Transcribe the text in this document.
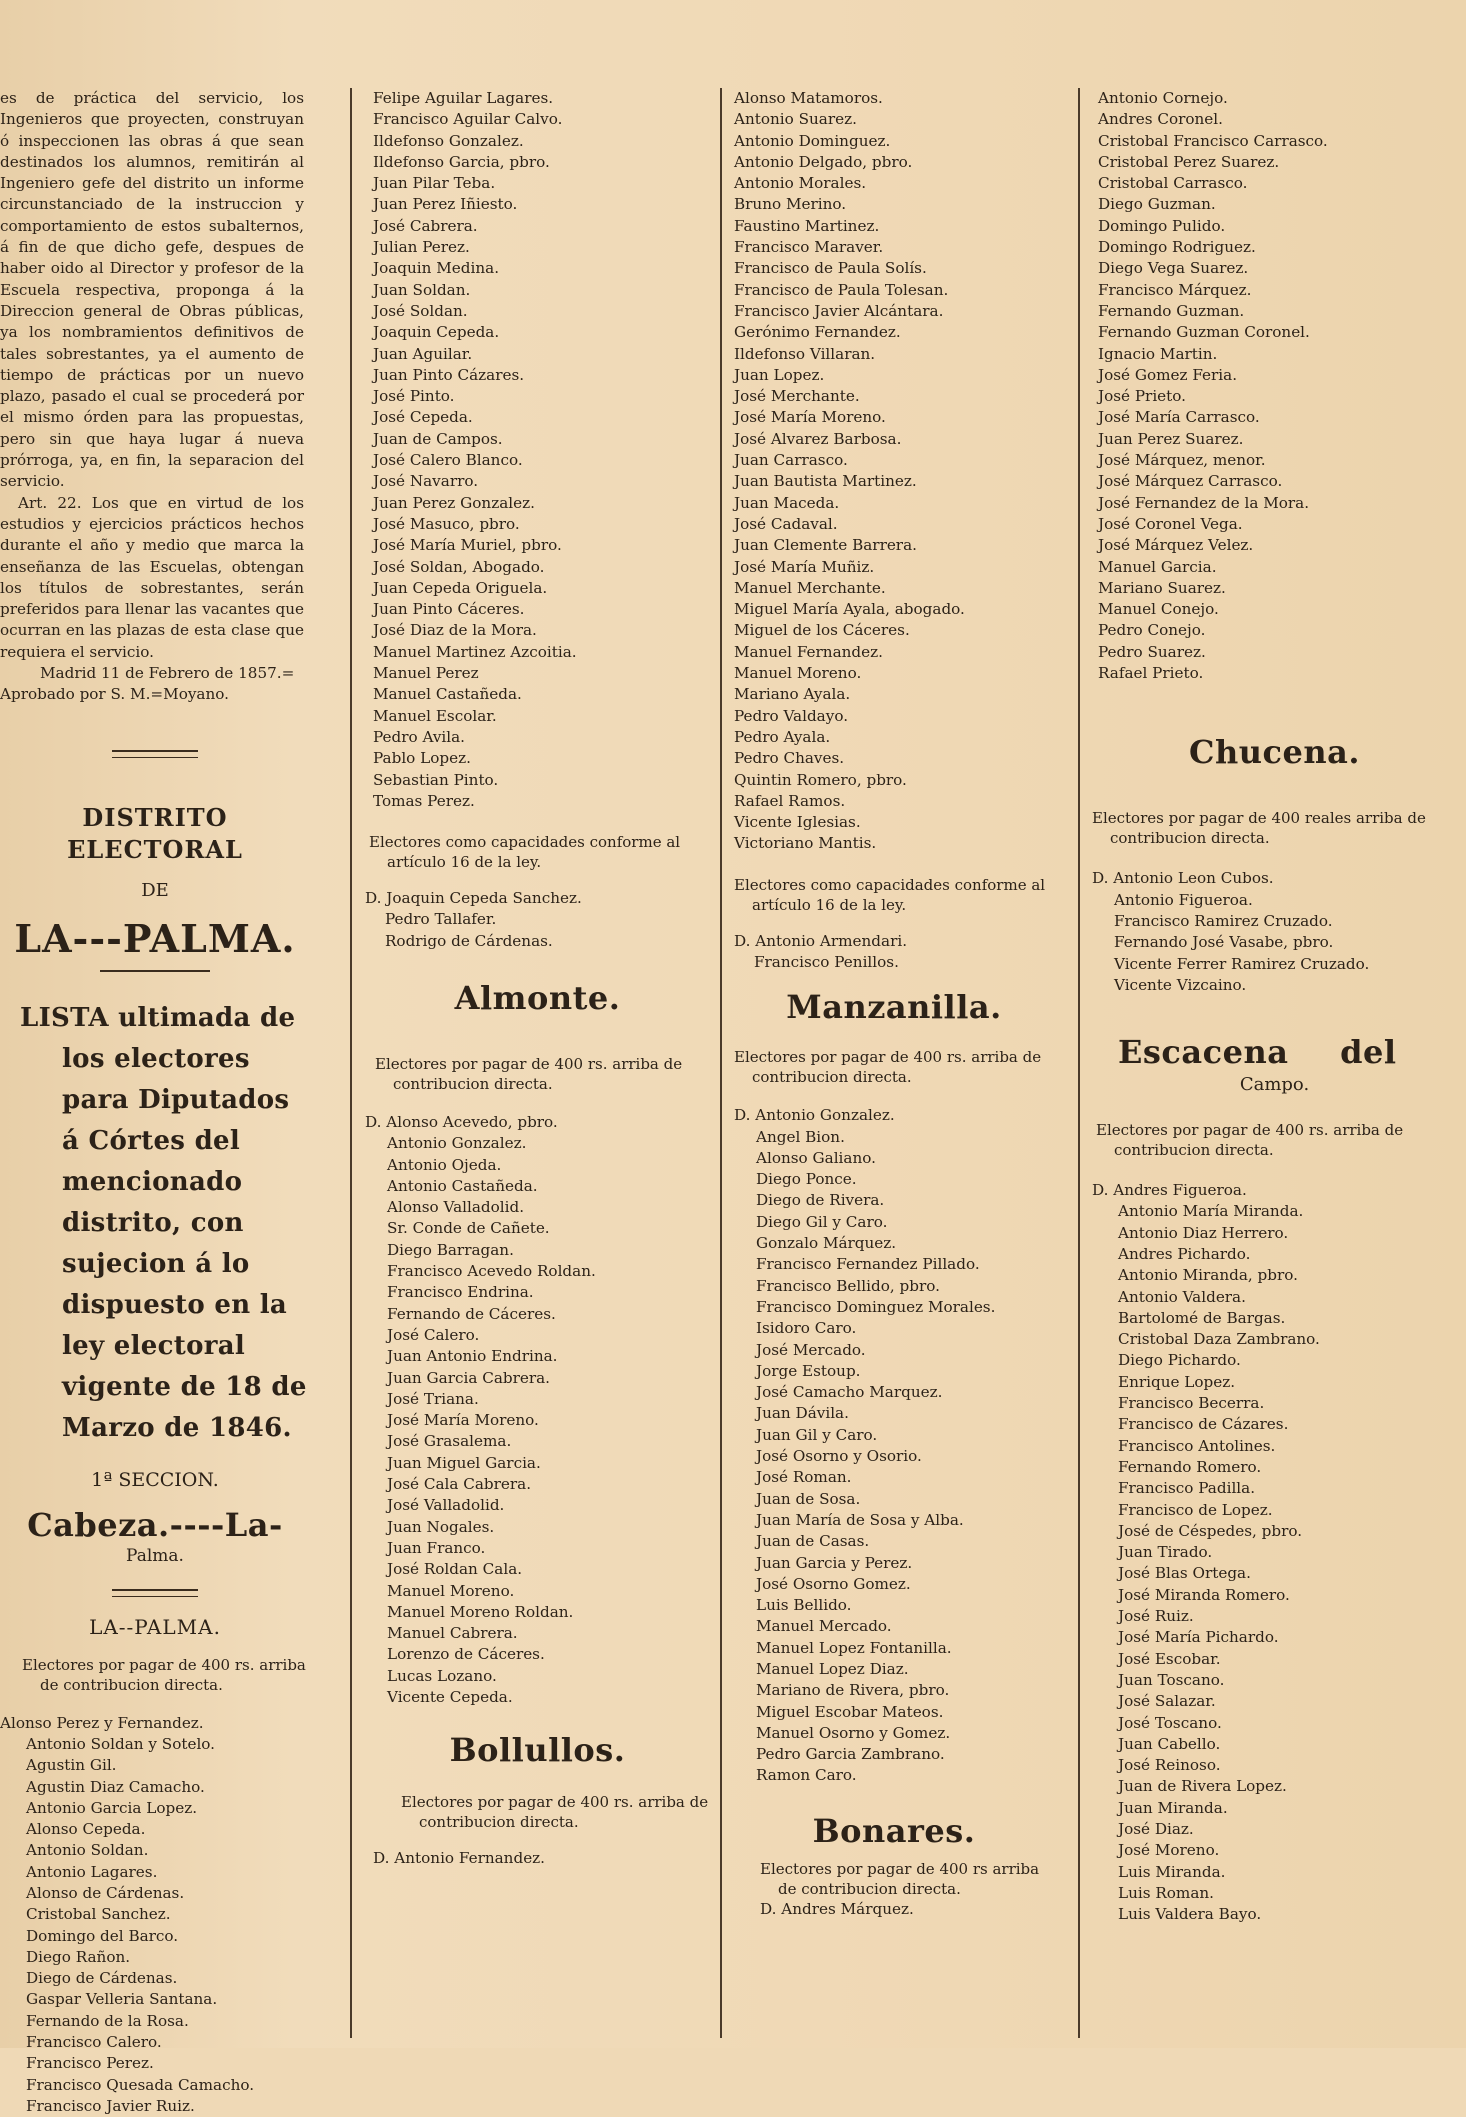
es de práctica del servicio, los Ingenieros que proyecten, construyan ó inspeccionen las obras á que sean destinados los alumnos, remitirán al Ingeniero gefe del distrito un informe circunstanciado de la instruccion y comportamiento de estos subalternos, á fin de que dicho gefe, despues de haber oido al Director y profesor de la Escuela respectiva, proponga á la Direccion general de Obras públicas, ya los nombramientos definitivos de tales sobrestantes, ya el aumento de tiempo de prácticas por un nuevo plazo, pasado el cual se procederá por el mismo órden para las propuestas, pero sin que haya lugar á nueva prórroga, ya, en fin, la separacion del servicio.

Art. 22. Los que en virtud de los estudios y ejercicios prácticos hechos durante el año y medio que marca la enseñanza de las Escuelas, obtengan los títulos de sobrestantes, serán preferidos para llenar las vacantes que ocurran en las plazas de esta clase que requiera el servicio.

Madrid 11 de Febrero de 1857.=
Aprobado por S. M.=Moyano.
DISTRITO ELECTORAL
DE
LA---PALMA.
LISTA ultimada de los electores para Diputados á Córtes del mencionado distrito, con sujecion á lo dispuesto en la ley electoral vigente de 18 de Marzo de 1846.
1ª SECCION.
Cabeza.----La-
Palma.
LA--PALMA.
Electores por pagar de 400 rs. arriba de contribucion directa.
Alonso Perez y Fernandez.
Antonio Soldan y Sotelo.
Agustin Gil.
Agustin Diaz Camacho.
Antonio Garcia Lopez.
Alonso Cepeda.
Antonio Soldan.
Antonio Lagares.
Alonso de Cárdenas.
Cristobal Sanchez.
Domingo del Barco.
Diego Rañon.
Diego de Cárdenas.
Gaspar Velleria Santana.
Fernando de la Rosa.
Francisco Calero.
Francisco Perez.
Francisco Quesada Camacho.
Francisco Javier Ruiz.
Felipe Aguilar Lagares.
Francisco Aguilar Calvo.
Ildefonso Gonzalez.
Ildefonso Garcia, pbro.
Juan Pilar Teba.
Juan Perez Iñiesto.
José Cabrera.
Julian Perez.
Joaquin Medina.
Juan Soldan.
José Soldan.
Joaquin Cepeda.
Juan Aguilar.
Juan Pinto Cázares.
José Pinto.
José Cepeda.
Juan de Campos.
José Calero Blanco.
José Navarro.
Juan Perez Gonzalez.
José Masuco, pbro.
José María Muriel, pbro.
José Soldan, Abogado.
Juan Cepeda Origuela.
Juan Pinto Cáceres.
José Diaz de la Mora.
Manuel Martinez Azcoitia.
Manuel Perez
Manuel Castañeda.
Manuel Escolar.
Pedro Avila.
Pablo Lopez.
Sebastian Pinto.
Tomas Perez.
Electores como capacidades conforme al artículo 16 de la ley.
D. Joaquin Cepeda Sanchez.
Pedro Tallafer.
Rodrigo de Cárdenas.
Almonte.
Electores por pagar de 400 rs. arriba de contribucion directa.
D. Alonso Acevedo, pbro.
Antonio Gonzalez.
Antonio Ojeda.
Antonio Castañeda.
Alonso Valladolid.
Sr. Conde de Cañete.
Diego Barragan.
Francisco Acevedo Roldan.
Francisco Endrina.
Fernando de Cáceres.
José Calero.
Juan Antonio Endrina.
Juan Garcia Cabrera.
José Triana.
José María Moreno.
José Grasalema.
Juan Miguel Garcia.
José Cala Cabrera.
José Valladolid.
Juan Nogales.
Juan Franco.
José Roldan Cala.
Manuel Moreno.
Manuel Moreno Roldan.
Manuel Cabrera.
Lorenzo de Cáceres.
Lucas Lozano.
Vicente Cepeda.
Bollullos.
Electores por pagar de 400 rs. arriba de contribucion directa.
D. Antonio Fernandez.
Alonso Matamoros.
Antonio Suarez.
Antonio Dominguez.
Antonio Delgado, pbro.
Antonio Morales.
Bruno Merino.
Faustino Martinez.
Francisco Maraver.
Francisco de Paula Solís.
Francisco de Paula Tolesan.
Francisco Javier Alcántara.
Gerónimo Fernandez.
Ildefonso Villaran.
Juan Lopez.
José Merchante.
José María Moreno.
José Alvarez Barbosa.
Juan Carrasco.
Juan Bautista Martinez.
Juan Maceda.
José Cadaval.
Juan Clemente Barrera.
José María Muñiz.
Manuel Merchante.
Miguel María Ayala, abogado.
Miguel de los Cáceres.
Manuel Fernandez.
Manuel Moreno.
Mariano Ayala.
Pedro Valdayo.
Pedro Ayala.
Pedro Chaves.
Quintin Romero, pbro.
Rafael Ramos.
Vicente Iglesias.
Victoriano Mantis.
Electores como capacidades conforme al artículo 16 de la ley.
D. Antonio Armendari.
Francisco Penillos.
Manzanilla.
Electores por pagar de 400 rs. arriba de contribucion directa.
D. Antonio Gonzalez.
Angel Bion.
Alonso Galiano.
Diego Ponce.
Diego de Rivera.
Diego Gil y Caro.
Gonzalo Márquez.
Francisco Fernandez Pillado.
Francisco Bellido, pbro.
Francisco Dominguez Morales.
Isidoro Caro.
José Mercado.
Jorge Estoup.
José Camacho Marquez.
Juan Dávila.
Juan Gil y Caro.
José Osorno y Osorio.
José Roman.
Juan de Sosa.
Juan María de Sosa y Alba.
Juan de Casas.
Juan Garcia y Perez.
José Osorno Gomez.
Luis Bellido.
Manuel Mercado.
Manuel Lopez Fontanilla.
Manuel Lopez Diaz.
Mariano de Rivera, pbro.
Miguel Escobar Mateos.
Manuel Osorno y Gomez.
Pedro Garcia Zambrano.
Ramon Caro.
Bonares.
Electores por pagar de 400 rs arriba de contribucion directa.
D. Andres Márquez.
Antonio Cornejo.
Andres Coronel.
Cristobal Francisco Carrasco.
Cristobal Perez Suarez.
Cristobal Carrasco.
Diego Guzman.
Domingo Pulido.
Domingo Rodriguez.
Diego Vega Suarez.
Francisco Márquez.
Fernando Guzman.
Fernando Guzman Coronel.
Ignacio Martin.
José Gomez Feria.
José Prieto.
José María Carrasco.
Juan Perez Suarez.
José Márquez, menor.
José Márquez Carrasco.
José Fernandez de la Mora.
José Coronel Vega.
José Márquez Velez.
Manuel Garcia.
Mariano Suarez.
Manuel Conejo.
Pedro Conejo.
Pedro Suarez.
Rafael Prieto.
Chucena.
Electores por pagar de 400 reales arriba de contribucion directa.
D. Antonio Leon Cubos.
Antonio Figueroa.
Francisco Ramirez Cruzado.
Fernando José Vasabe, pbro.
Vicente Ferrer Ramirez Cruzado.
Vicente Vizcaino.
Escacena del
Campo.
Electores por pagar de 400 rs. arriba de contribucion directa.
D. Andres Figueroa.
Antonio María Miranda.
Antonio Diaz Herrero.
Andres Pichardo.
Antonio Miranda, pbro.
Antonio Valdera.
Bartolomé de Bargas.
Cristobal Daza Zambrano.
Diego Pichardo.
Enrique Lopez.
Francisco Becerra.
Francisco de Cázares.
Francisco Antolines.
Fernando Romero.
Francisco Padilla.
Francisco de Lopez.
José de Céspedes, pbro.
Juan Tirado.
José Blas Ortega.
José Miranda Romero.
José Ruiz.
José María Pichardo.
José Escobar.
Juan Toscano.
José Salazar.
José Toscano.
Juan Cabello.
José Reinoso.
Juan de Rivera Lopez.
Juan Miranda.
José Diaz.
José Moreno.
Luis Miranda.
Luis Roman.
Luis Valdera Bayo.
